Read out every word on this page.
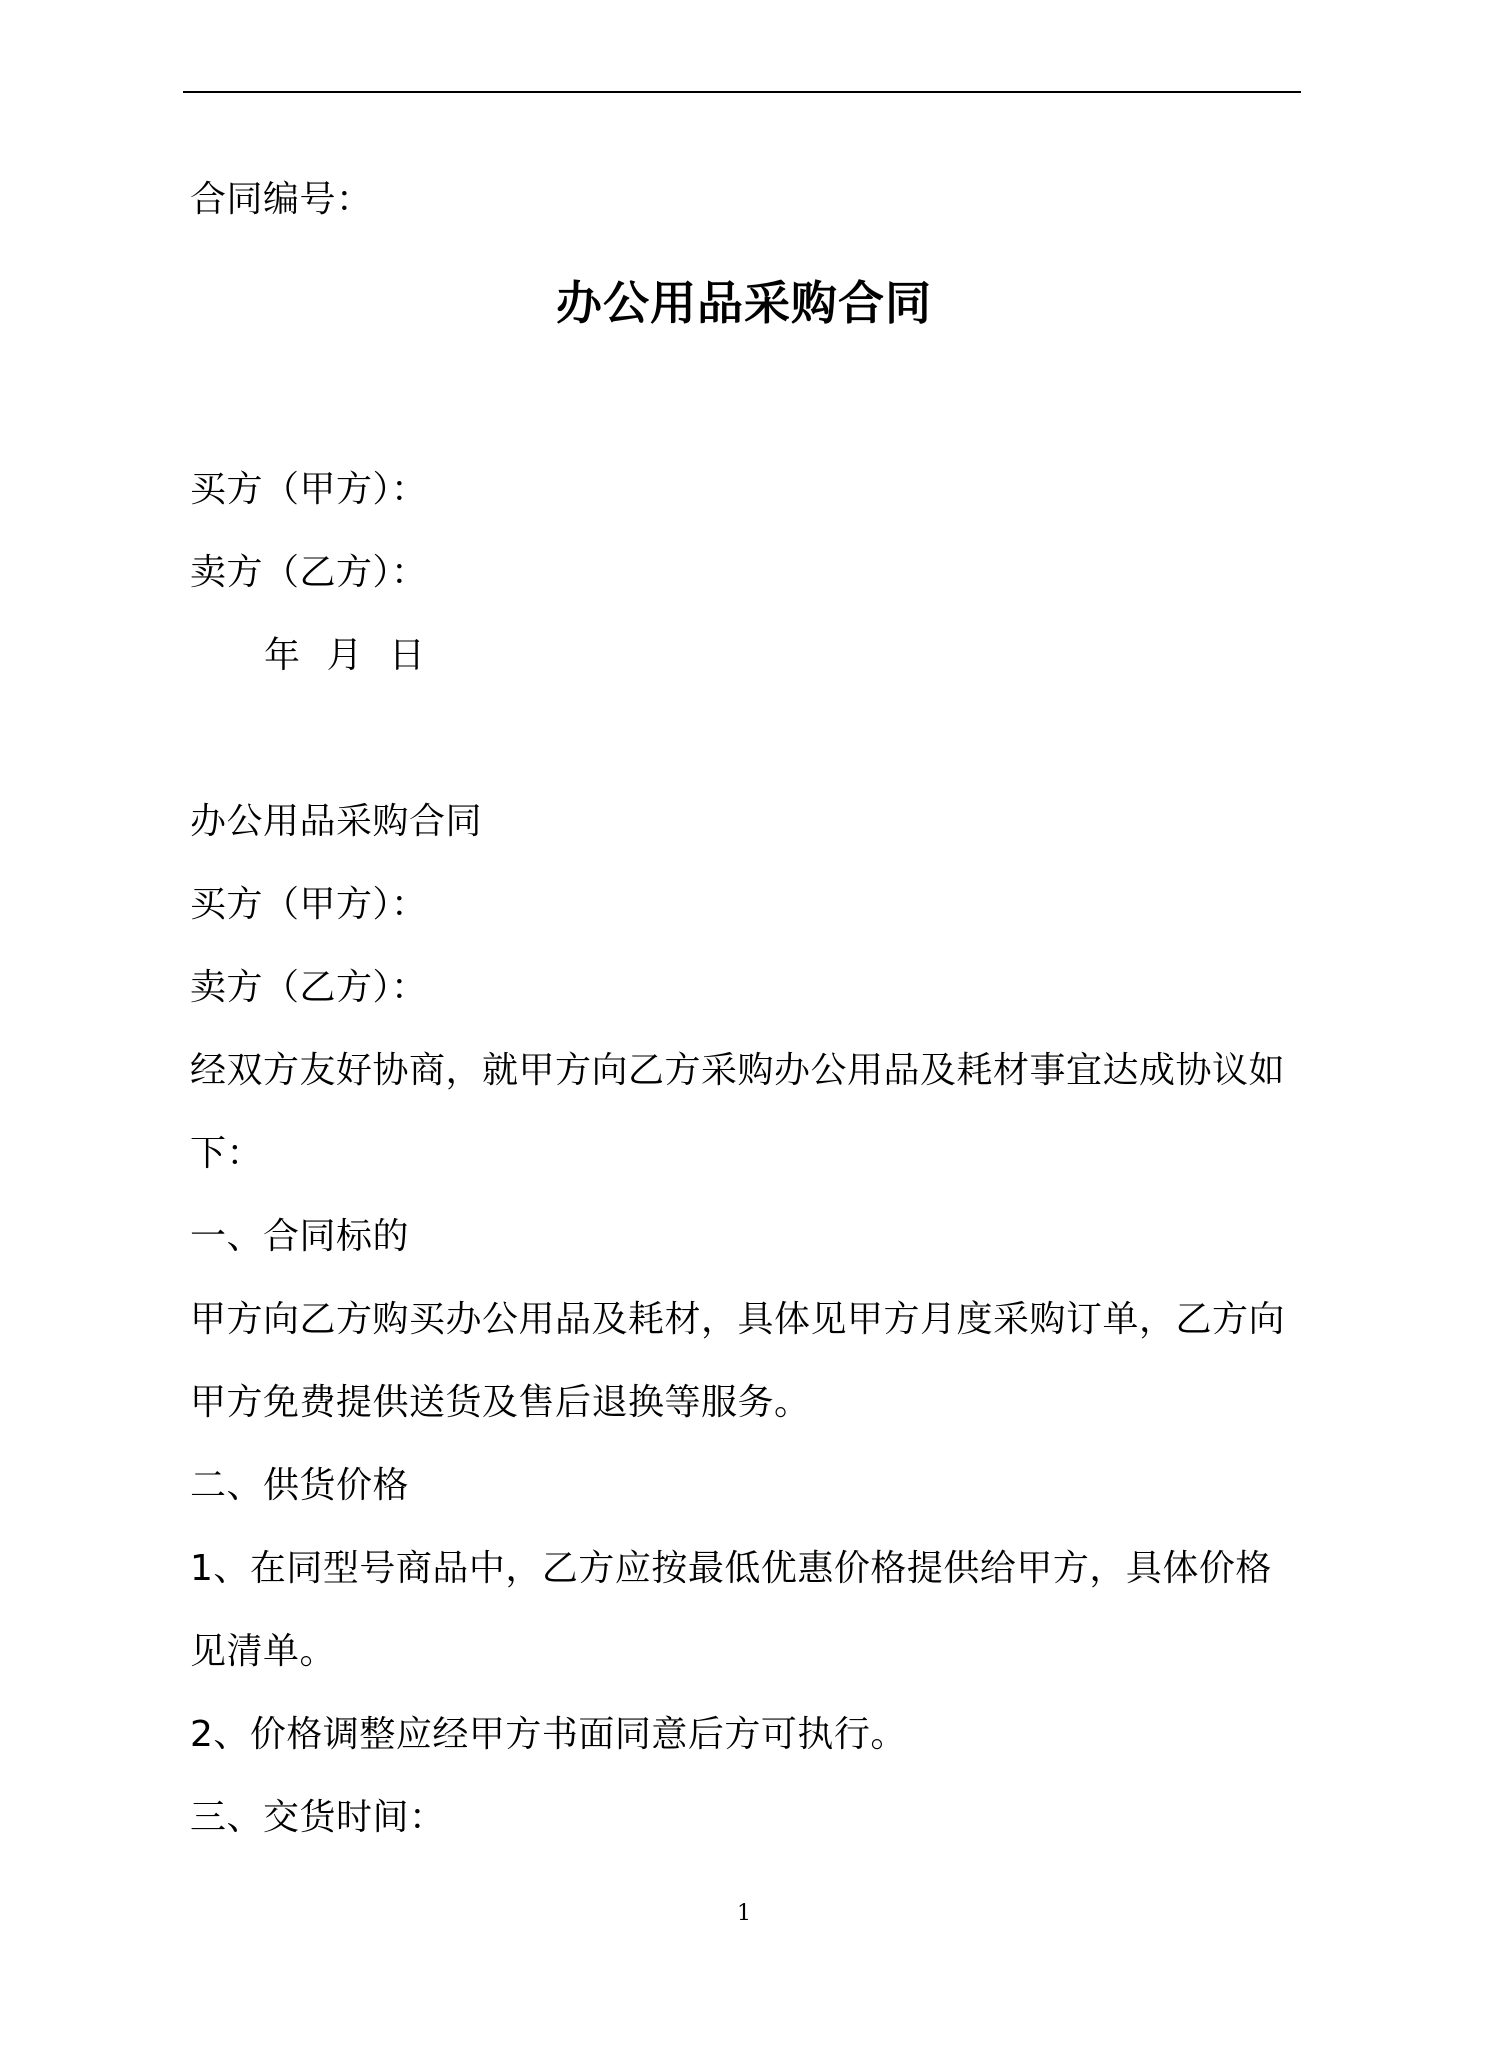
合同编号：
办公用品采购合同
买方（甲方）：
卖方（乙方）：
年 月 日
办公用品采购合同
买方（甲方）：
卖方（乙方）：
经双方友好协商，就甲方向乙方采购办公用品及耗材事宜达成协议如
下：
一、合同标的
甲方向乙方购买办公用品及耗材，具体见甲方月度采购订单，乙方向
甲方免费提供送货及售后退换等服务。
二、供货价格
1、在同型号商品中，乙方应按最低优惠价格提供给甲方，具体价格
见清单。
2、价格调整应经甲方书面同意后方可执行。
三、交货时间：
1
